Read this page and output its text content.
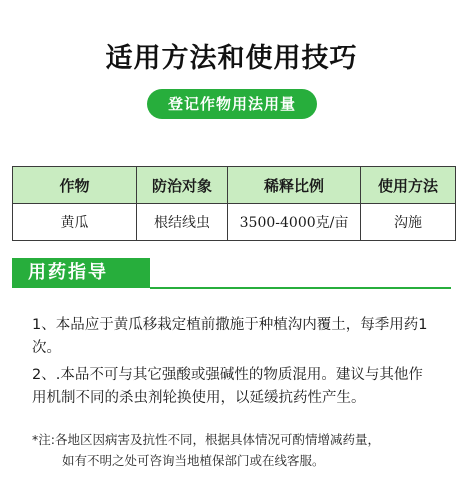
适用方法和使用技巧
登记作物用法用量
作物	防治对象	稀释比例	使用方法
黄瓜	根结线虫	3500-4000克/亩	沟施
用药指导
1、本品应于黄瓜移栽定植前撒施于种植沟内覆土，每季用药1次。
2、.本品不可与其它强酸或强碱性的物质混用。建议与其他作用机制不同的杀虫剂轮换使用，以延缓抗药性产生。
*注:各地区因病害及抗性不同，根据具体情况可酌情增减药量，
如有不明之处可咨询当地植保部门或在线客服。
